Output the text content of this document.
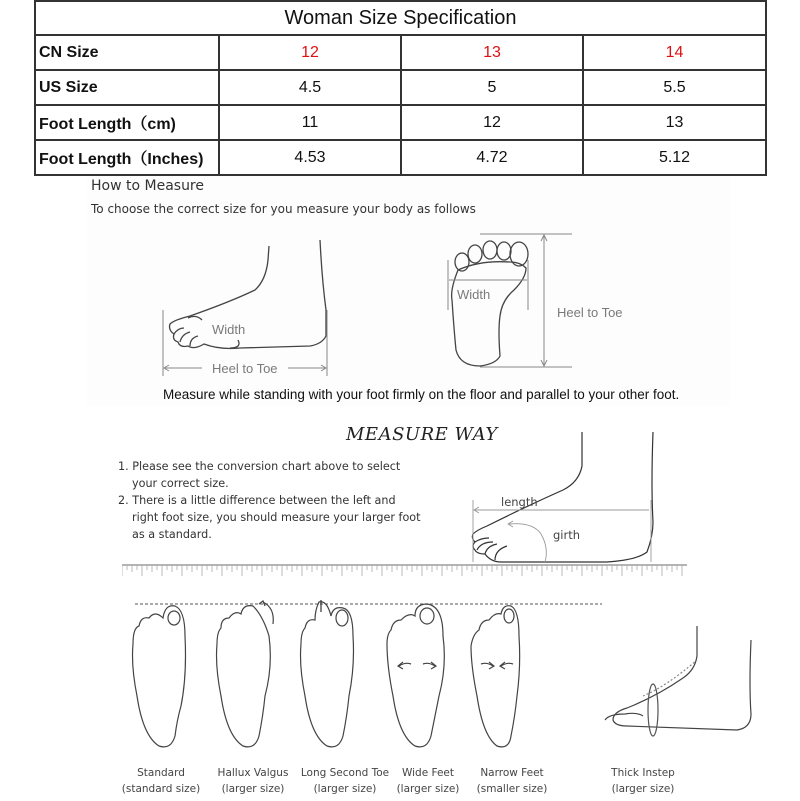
Woman Size Specification			
CN Size	12	13	14
US Size	4.5	5	5.5
Foot Length（cm)	11	12	13
Foot Length（Inches)	4.53	4.72	5.12
How to Measure
To choose the correct size for you measure your body as follows
Width
Heel to Toe
Width
Heel to Toe
Measure while standing with your foot firmly on the floor and parallel to your other foot.
MEASURE WAY
1. Please see the conversion chart above to select your correct size.
2. There is a little difference between the left and right foot size, you should measure your larger foot as a standard.
length
girth
Standard
(standard size)
Hallux Valgus
(larger size)
Long Second Toe
(larger size)
Wide Feet
(larger size)
Narrow Feet
(smaller size)
Thick Instep
(larger size)
